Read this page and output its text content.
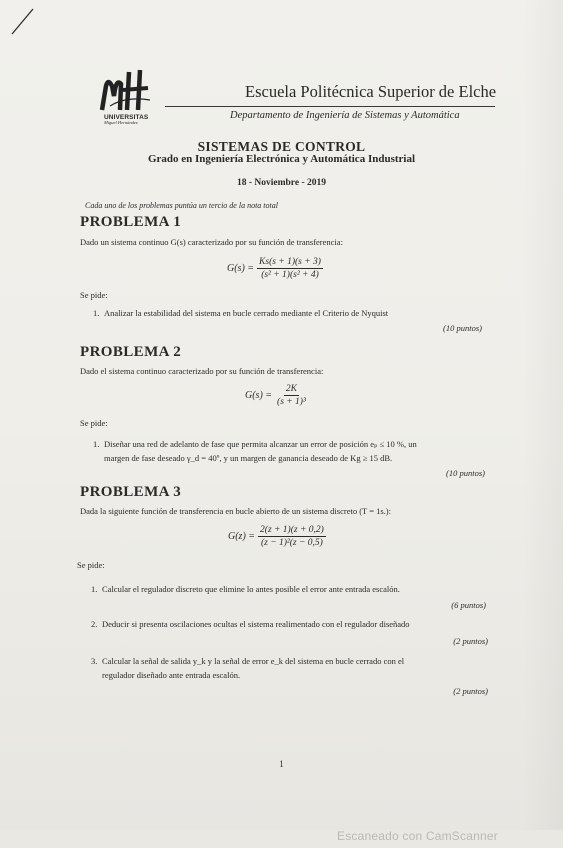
UNIVERSITAS
Miguel Hernández
Escuela Politécnica Superior de Elche
Departamento de Ingeniería de Sistemas y Automática
SISTEMAS DE CONTROL
Grado en Ingeniería Electrónica y Automática Industrial
18 - Noviembre - 2019
Cada uno de los problemas puntúa un tercio de la nota total
PROBLEMA 1
Dado un sistema continuo G(s) caracterizado por su función de transferencia:
$G(s) = \frac{Ks(s + 1)(s + 3)}{\text{(s² + 1)(s² + 4)}}$
Se pide:
1. Analizar la estabilidad del sistema en bucle cerrado mediante el Criterio de Nyquist
(10 puntos)
PROBLEMA 2
Dado el sistema continuo caracterizado por su función de transferencia:
$G(s) = \frac{2K}{\text{(s + 1)³}}$
Se pide:
1. Diseñar una red de adelanto de fase que permita alcanzar un error de posición eₚ ≤ 10 %, un
margen de fase deseado γ_d = 40º, y un margen de ganancia deseado de Kg ≥ 15 dB.
(10 puntos)
PROBLEMA 3
Dada la siguiente función de transferencia en bucle abierto de un sistema discreto (T = 1s.):
$G(z) = \frac{2(z + 1)(z + 0,2)}{\text{(z − 1)²(z − 0,5)}}$
Se pide:
1. Calcular el regulador discreto que elimine lo antes posible el error ante entrada escalón.
(6 puntos)
2. Deducir si presenta oscilaciones ocultas el sistema realimentado con el regulador diseñado
(2 puntos)
3. Calcular la señal de salida y_k y la señal de error e_k del sistema en bucle cerrado con el
regulador diseñado ante entrada escalón.
(2 puntos)
1
Escaneado con CamScanner
